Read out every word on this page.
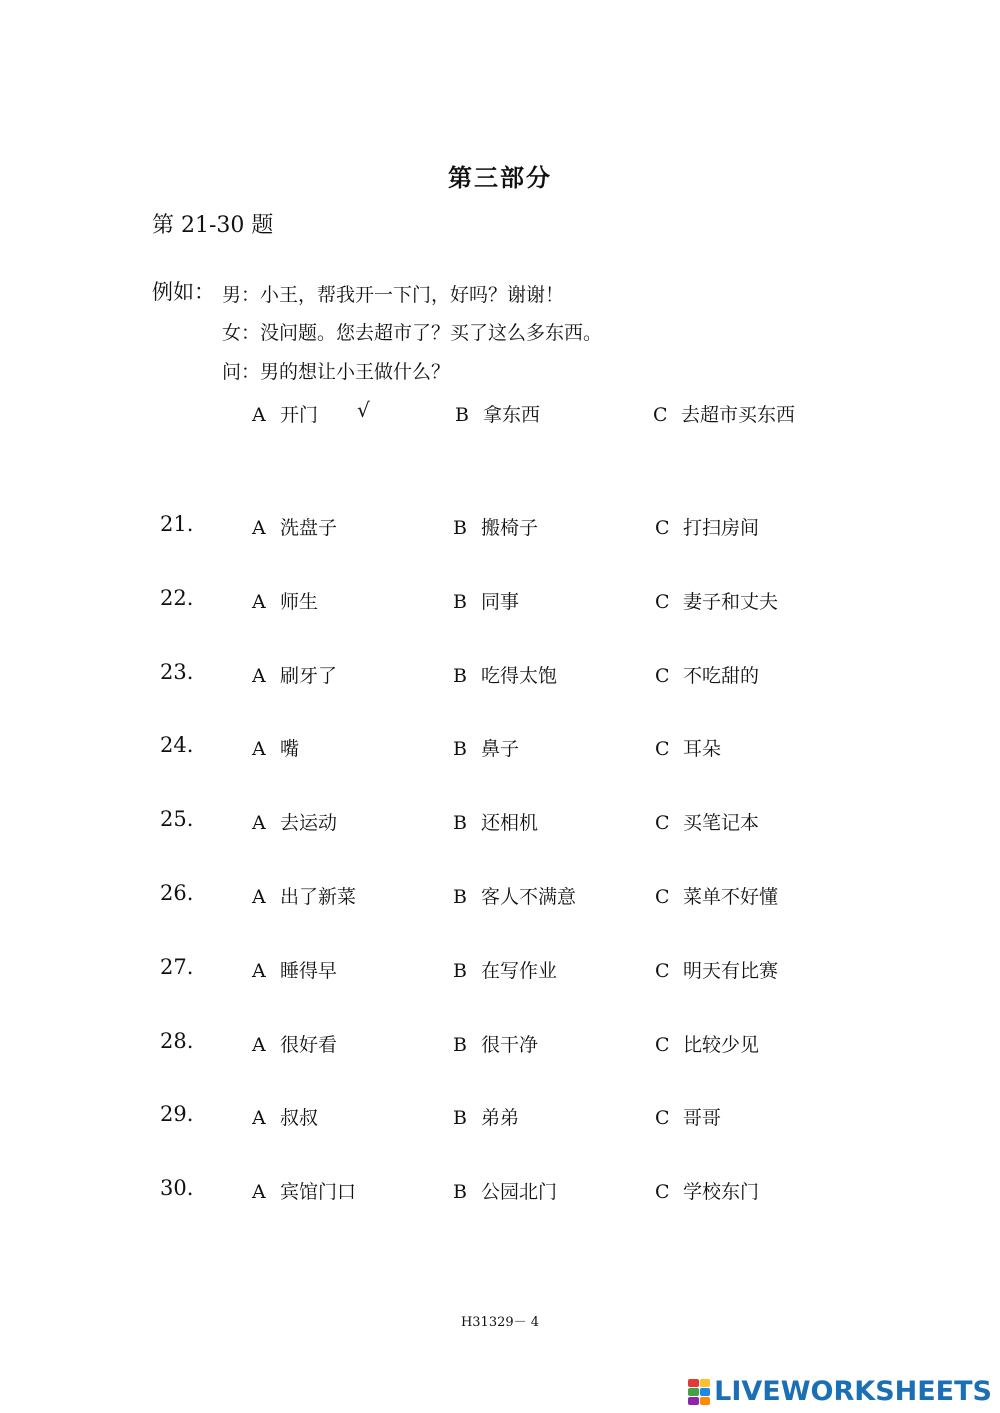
第三部分
第 21-30 题
例如： 男：小王，帮我开一下门，好吗？谢谢！
女：没问题。您去超市了？买了这么多东西。
问：男的想让小王做什么？
A 开门 √	B 拿东西	C 去超市买东西
21.	A 洗盘子	B 搬椅子	C 打扫房间
22.	A 师生	B 同事	C 妻子和丈夫
23.	A 刷牙了	B 吃得太饱	C 不吃甜的
24.	A 嘴	B 鼻子	C 耳朵
25.	A 去运动	B 还相机	C 买笔记本
26.	A 出了新菜	B 客人不满意	C 菜单不好懂
27.	A 睡得早	B 在写作业	C 明天有比赛
28.	A 很好看	B 很干净	C 比较少见
29.	A 叔叔	B 弟弟	C 哥哥
30.	A 宾馆门口	B 公园北门	C 学校东门
H31329－ 4
LIVEWORKSHEETS
